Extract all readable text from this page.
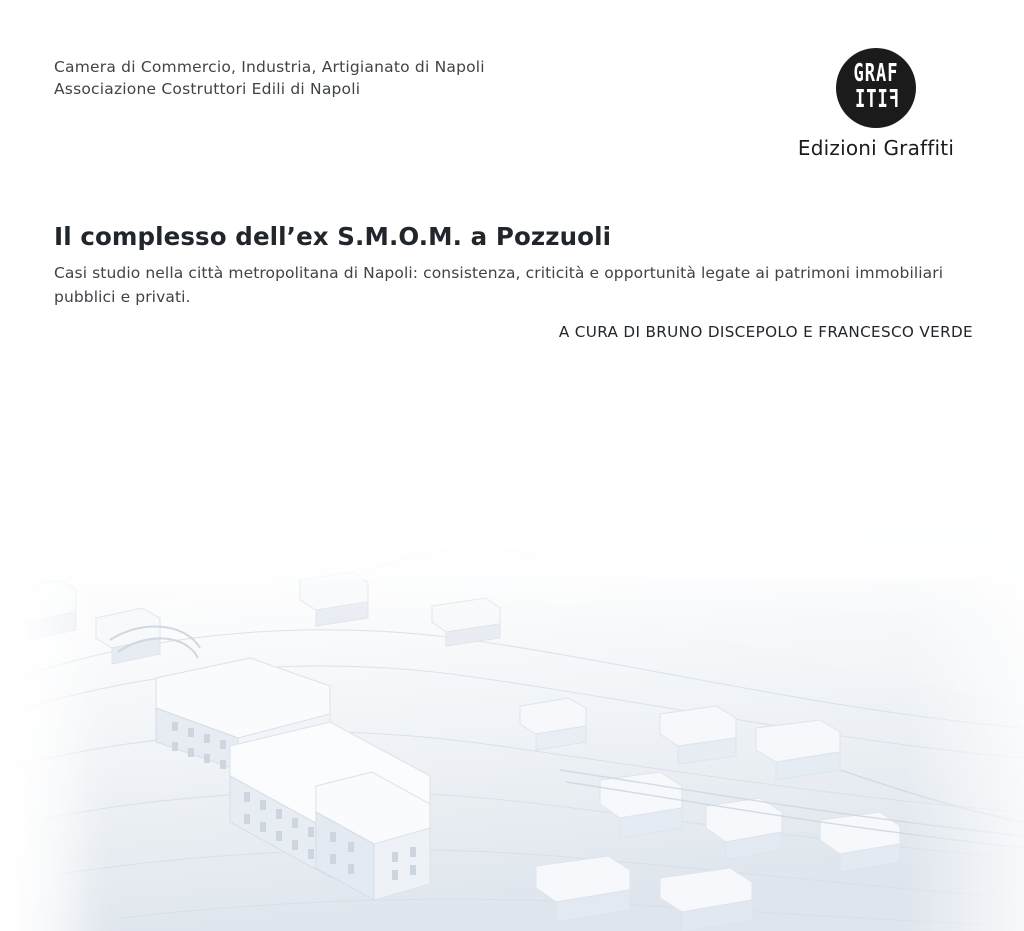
Camera di Commercio, Industria, Artigianato di Napoli
Associazione Costruttori Edili di Napoli
GRAF
FITI
Edizioni Graffiti
Il complesso dell’ex S.M.O.M. a Pozzuoli

Casi studio nella città metropolitana di Napoli: consistenza, criticità e opportunità legate ai patrimoni immobiliari pubblici e privati.

A CURA DI BRUNO DISCEPOLO E FRANCESCO VERDE
